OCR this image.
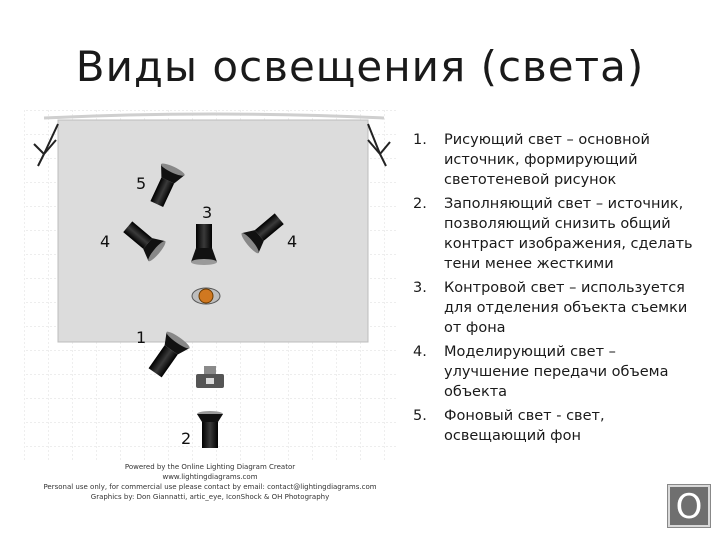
Виды освещения (света)
5
3
4	4
1
2
Powered by the Online Lighting Diagram Creator
www.lightingdiagrams.com
Personal use only, for commercial use please contact by email: contact@lightingdiagrams.com
Graphics by: Don Giannatti, artic_eye, IconShock & OH Photography
1.	Рисующий свет – основной источник, формирующий светотеневой рисунок
2.	Заполняющий свет – источник, позволяющий снизить общий контраст изображения, сделать тени менее жесткими
3.	Контровой свет – используется для отделения объекта съемки от фона
4.	Моделирующий свет – улучшение передачи объема объекта
5.	Фоновый свет - свет, освещающий фон
O
